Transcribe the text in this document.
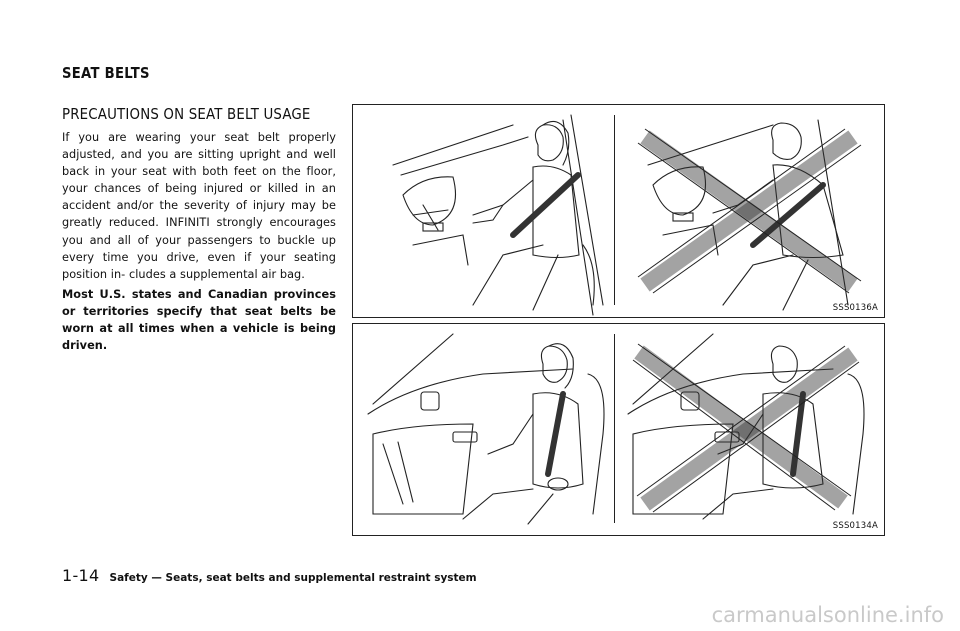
SEAT BELTS
PRECAUTIONS ON SEAT BELT USAGE

If you are wearing your seat belt properly adjusted, and you are sitting upright and well back in your seat with both feet on the floor, your chances of being injured or killed in an accident and/or the severity of injury may be greatly reduced. INFINITI strongly encourages you and all of your passengers to buckle up every time you drive, even if your seating position in- cludes a supplemental air bag.

Most U.S. states and Canadian provinces or territories specify that seat belts be worn at all times when a vehicle is being driven.

SSS0136A
SSS0134A
1-14 Safety — Seats, seat belts and supplemental restraint system
carmanualsonline.info
